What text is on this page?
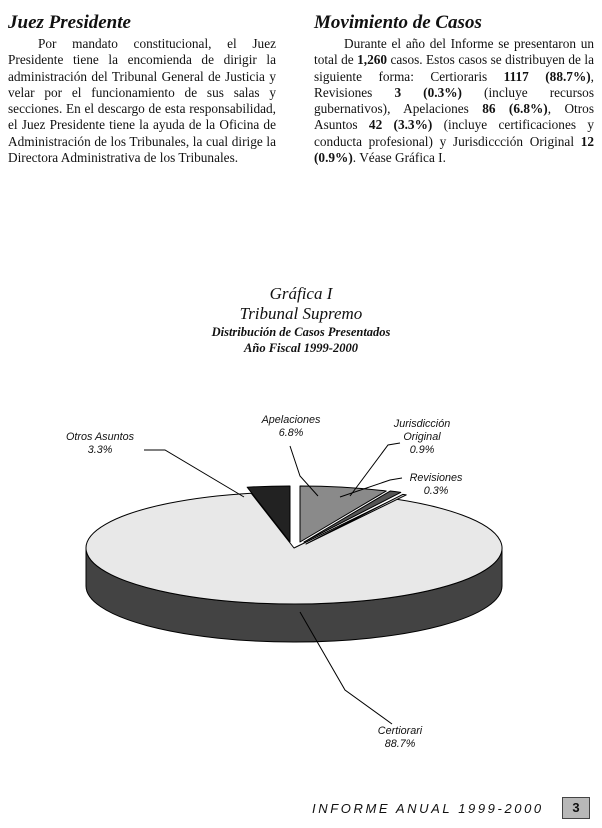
Juez Presidente

Por mandato constitucional, el Juez Presidente tiene la encomienda de dirigir la administración del Tribunal General de Justicia y velar por el funcionamiento de sus salas y secciones. En el descargo de esta responsabilidad, el Juez Presidente tiene la ayuda de la Oficina de Administración de los Tribunales, la cual dirige la Directora Administrativa de los Tribunales.

Movimiento de Casos

Durante el año del Informe se presentaron un total de 1,260 casos. Estos casos se distribuyen de la siguiente forma: Certioraris 1117 (88.7%), Revisiones 3 (0.3%) (incluye recursos gubernativos), Apelaciones 86 (6.8%), Otros Asuntos 42 (3.3%) (incluye certificaciones y conducta profesional) y Jurisdiccción Original 12 (0.9%). Véase Gráfica I.

Gráfica I
Tribunal Supremo
Distribución de Casos Presentados
Año Fiscal 1999-2000
Otros Asuntos
3.3%
Apelaciones
6.8%
Jurisdicción
Original
0.9%
Revisiones
0.3%
Certiorari
88.7%
INFORME ANUAL 1999-2000	3
